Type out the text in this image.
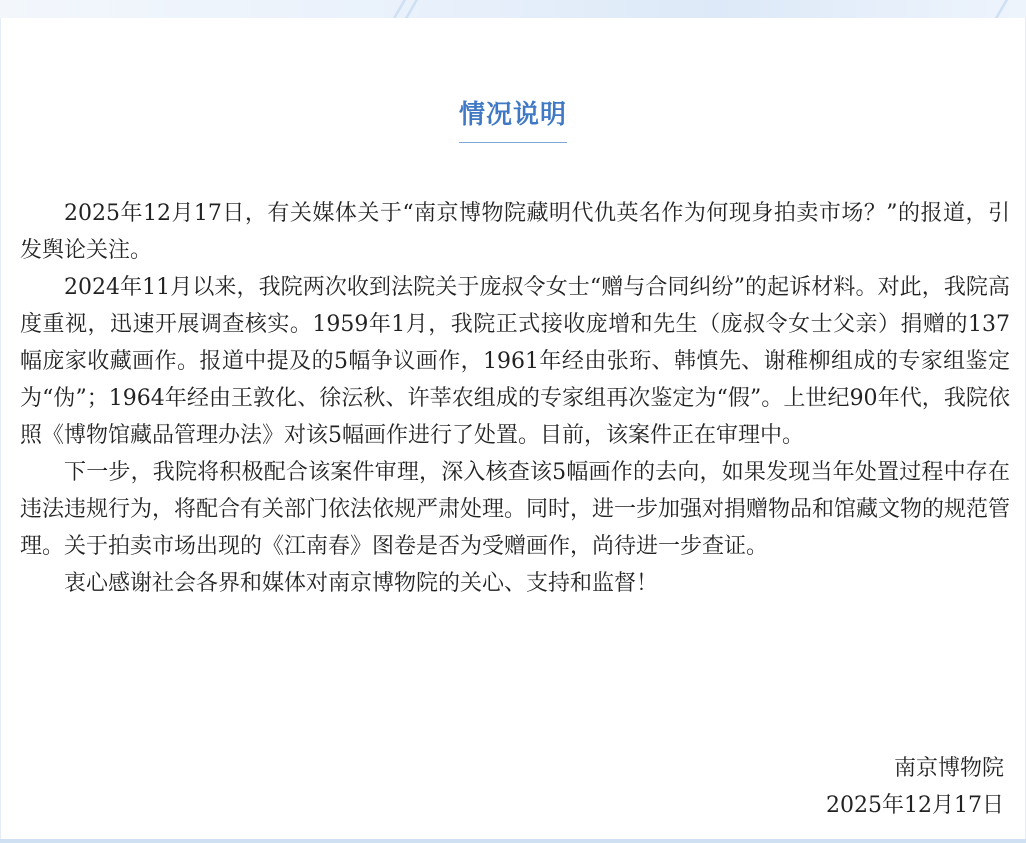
情况说明

2025年12月17日，有关媒体关于“南京博物院藏明代仇英名作为何现身拍卖市场？”的报道，引发舆论关注。

2024年11月以来，我院两次收到法院关于庞叔令女士“赠与合同纠纷”的起诉材料。对此，我院高度重视，迅速开展调查核实。1959年1月，我院正式接收庞增和先生（庞叔令女士父亲）捐赠的137幅庞家收藏画作。报道中提及的5幅争议画作，1961年经由张珩、韩慎先、谢稚柳组成的专家组鉴定为“伪”；1964年经由王敦化、徐沄秋、许莘农组成的专家组再次鉴定为“假”。上世纪90年代，我院依照《博物馆藏品管理办法》对该5幅画作进行了处置。目前，该案件正在审理中。

下一步，我院将积极配合该案件审理，深入核查该5幅画作的去向，如果发现当年处置过程中存在违法违规行为，将配合有关部门依法依规严肃处理。同时，进一步加强对捐赠物品和馆藏文物的规范管理。关于拍卖市场出现的《江南春》图卷是否为受赠画作，尚待进一步查证。

衷心感谢社会各界和媒体对南京博物院的关心、支持和监督！

南京博物院
2025年12月17日
